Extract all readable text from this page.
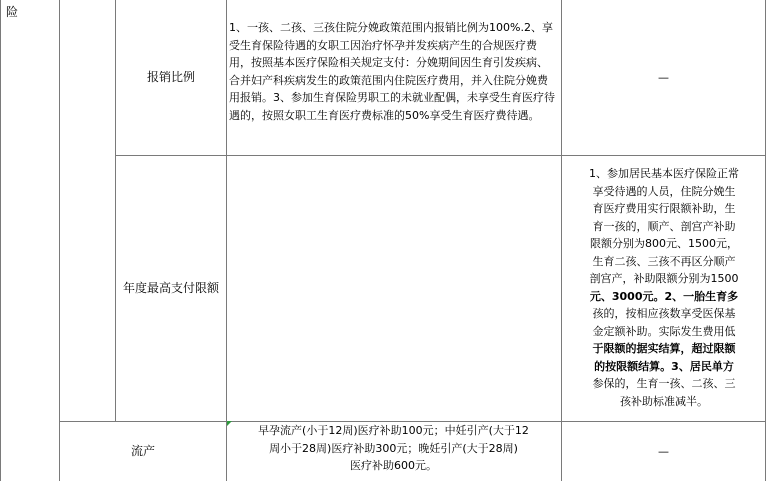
险
报销比例
1、一孩、二孩、三孩住院分娩政策范围内报销比例为100%.2、享受生育保险待遇的女职工因治疗怀孕并发疾病产生的合规医疗费用，按照基本医疗保险相关规定支付：分娩期间因生育引发疾病、合并妇产科疾病发生的政策范围内住院医疗费用，并入住院分娩费用报销。3、参加生育保险男职工的未就业配偶，未享受生育医疗待遇的，按照女职工生育医疗费标准的50%享受生育医疗费待遇。
—
年度最高支付限额
1、参加居民基本医疗保险正常
享受待遇的人员，住院分娩生
育医疗费用实行限额补助，生
育一孩的，顺产、剖宫产补助
限额分别为800元、1500元，
生育二孩、三孩不再区分顺产
剖宫产，补助限额分别为1500
元、3000元。2、一胎生育多
孩的，按相应孩数享受医保基
金定额补助。实际发生费用低
于限额的据实结算，超过限额
的按限额结算。3、居民单方
参保的，生育一孩、二孩、三
孩补助标准减半。
流产
早孕流产(小于12周)医疗补助100元；中妊引产(大于12
周小于28周)医疗补助300元；晚妊引产(大于28周)
医疗补助600元。
—
